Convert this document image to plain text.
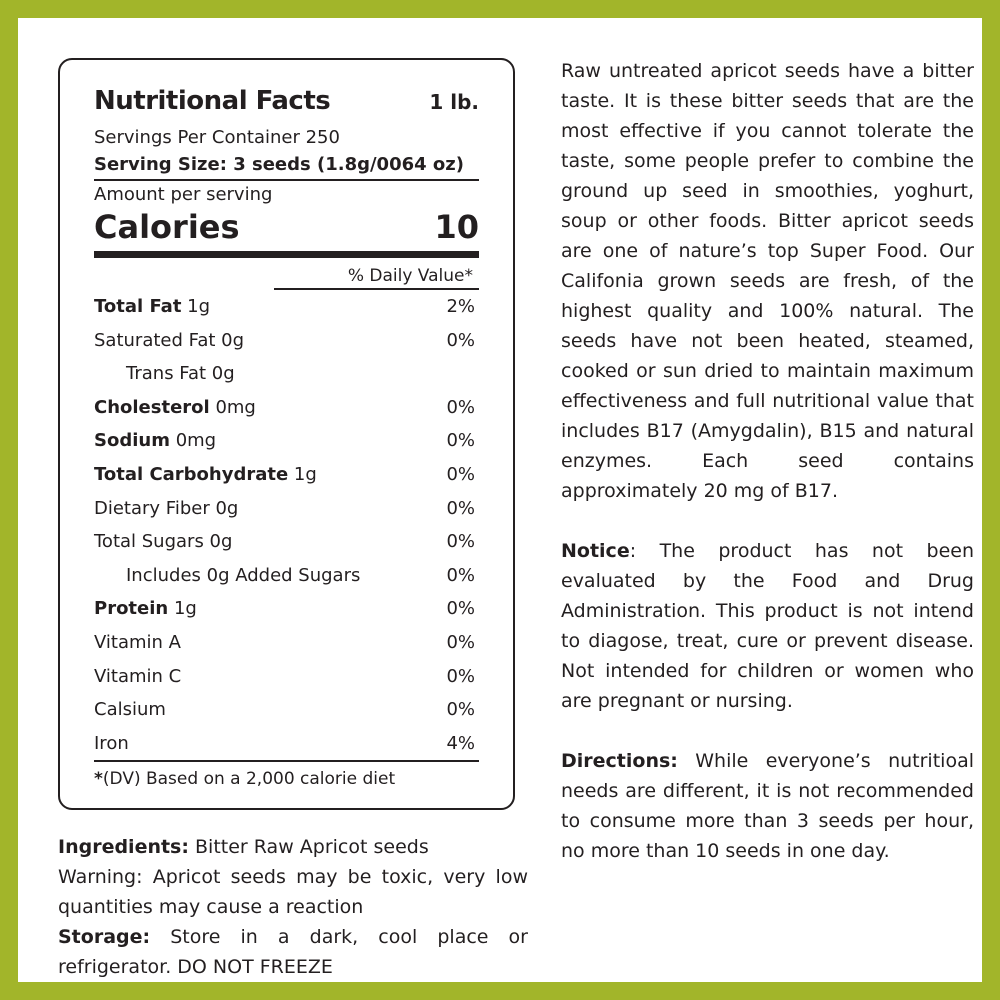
Nutritional Facts	1 lb.
Servings Per Container 250
Serving Size: 3 seeds (1.8g/0064 oz)
Amount per serving
Calories	10
% Daily Value*
Total Fat 1g	2%
Saturated Fat 0g	0%
Trans Fat 0g
Cholesterol 0mg	0%
Sodium 0mg	0%
Total Carbohydrate 1g	0%
Dietary Fiber 0g	0%
Total Sugars 0g	0%
Includes 0g Added Sugars	0%
Protein 1g	0%
Vitamin A	0%
Vitamin C	0%
Calsium	0%
Iron	4%
*(DV) Based on a 2,000 calorie diet
Ingredients: Bitter Raw Apricot seeds
Warning: Apricot seeds may be toxic, very low quantities may cause a reaction
Storage: Store in a dark, cool place or refrigerator. DO NOT FREEZE

Raw untreated apricot seeds have a bitter taste. It is these bitter seeds that are the most effective if you cannot tolerate the taste, some people prefer to combine the ground up seed in smoothies, yoghurt, soup or other foods. Bitter apricot seeds are one of nature’s top Super Food. Our Califonia grown seeds are fresh, of the highest quality and 100% natural. The seeds have not been heated, steamed, cooked or sun dried to maintain maximum effectiveness and full nutritional value that includes B17 (Amygdalin), B15 and natural enzymes. Each seed contains approximately 20 mg of B17.

Notice: The product has not been evaluated by the Food and Drug Administration. This product is not intend to diagose, treat, cure or prevent disease. Not intended for children or women who are pregnant or nursing.

Directions: While everyone’s nutritioal needs are different, it is not recommended to consume more than 3 seeds per hour, no more than 10 seeds in one day.
